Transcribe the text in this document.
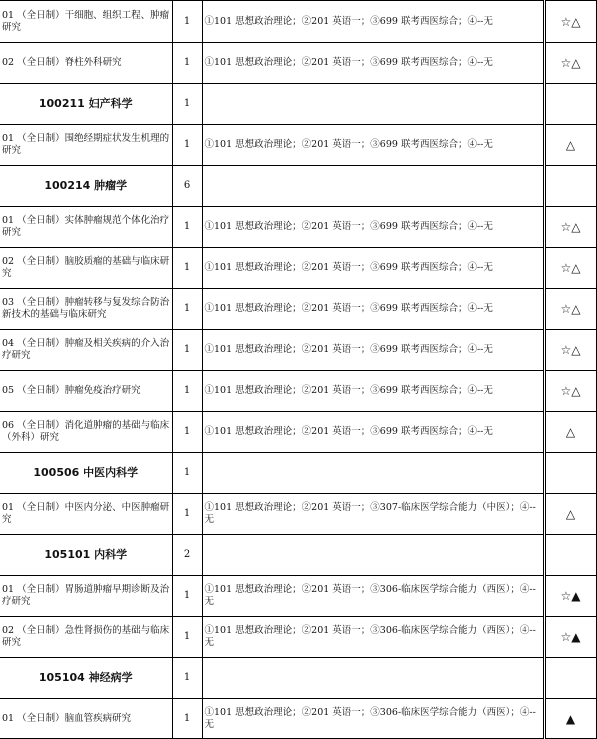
01 （全日制）干细胞、组织工程、肿瘤研究	1	①101 思想政治理论；②201 英语一；③699 联考西医综合；④--无	☆△
02 （全日制）脊柱外科研究	1	①101 思想政治理论；②201 英语一；③699 联考西医综合；④--无	☆△
100211 妇产科学	1		
01 （全日制）围绝经期症状发生机理的研究	1	①101 思想政治理论；②201 英语一；③699 联考西医综合；④--无	△
100214 肿瘤学	6		
01 （全日制）实体肿瘤规范个体化治疗研究	1	①101 思想政治理论；②201 英语一；③699 联考西医综合；④--无	☆△
02 （全日制）脑胶质瘤的基础与临床研究	1	①101 思想政治理论；②201 英语一；③699 联考西医综合；④--无	☆△
03 （全日制）肿瘤转移与复发综合防治新技术的基础与临床研究	1	①101 思想政治理论；②201 英语一；③699 联考西医综合；④--无	☆△
04 （全日制）肿瘤及相关疾病的介入治疗研究	1	①101 思想政治理论；②201 英语一；③699 联考西医综合；④--无	☆△
05 （全日制）肿瘤免疫治疗研究	1	①101 思想政治理论；②201 英语一；③699 联考西医综合；④--无	☆△
06 （全日制）消化道肿瘤的基础与临床（外科）研究	1	①101 思想政治理论；②201 英语一；③699 联考西医综合；④--无	△
100506 中医内科学	1		
01 （全日制）中医内分泌、中医肿瘤研究	1	①101 思想政治理论；②201 英语一；③307-临床医学综合能力（中医）；④--无	△
105101 内科学	2		
01 （全日制）胃肠道肿瘤早期诊断及治疗研究	1	①101 思想政治理论；②201 英语一；③306-临床医学综合能力（西医）；④--无	☆▲
02 （全日制）急性肾损伤的基础与临床研究	1	①101 思想政治理论；②201 英语一；③306-临床医学综合能力（西医）；④--无	☆▲
105104 神经病学	1		
01 （全日制）脑血管疾病研究	1	①101 思想政治理论；②201 英语一；③306-临床医学综合能力（西医）；④--无	▲
